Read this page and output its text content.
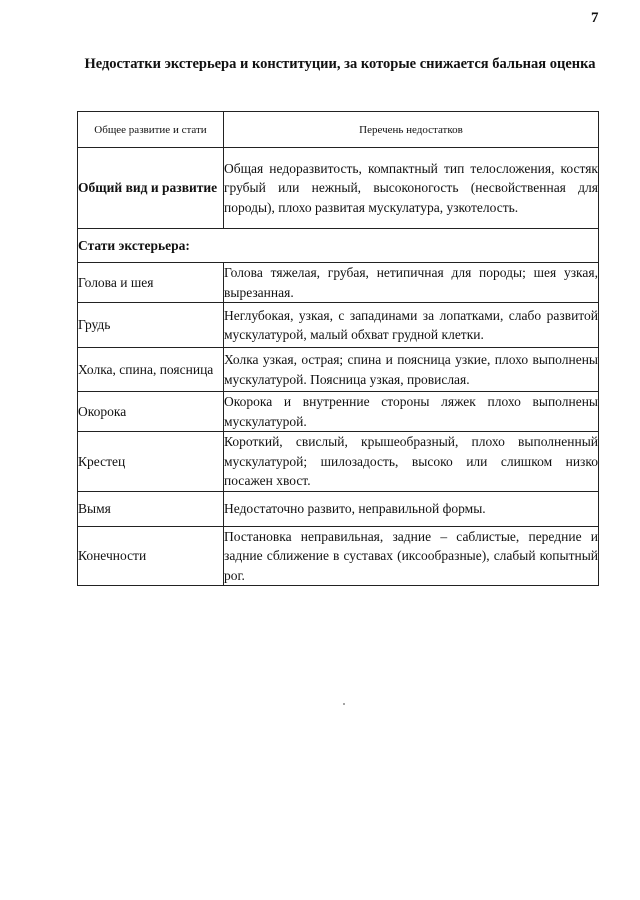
7
Недостатки экстерьера и конституции, за которые снижается бальная оценка
Общее развитие и стати	Перечень недостатков
Общий вид и развитие	Общая недоразвитость, компактный тип телосложения, костяк грубый или нежный, высоконогость (несвойственная для породы), плохо развитая мускулатура, узкотелость.
Стати экстерьера:	
Голова и шея	Голова тяжелая, грубая, нетипичная для породы; шея узкая, вырезанная.
Грудь	Неглубокая, узкая, с западинами за лопатками, слабо развитой мускулатурой, малый обхват грудной клетки.
Холка, спина, поясница	Холка узкая, острая; спина и поясница узкие, плохо выполнены мускулатурой. Поясница узкая, провислая.
Окорока	Окорока и внутренние стороны ляжек плохо выполнены мускулатурой.
Крестец	Короткий, свислый, крышеобразный, плохо выполненный мускулатурой; шилозадость, высоко или слишком низко посажен хвост.
Вымя	Недостаточно развито, неправильной формы.
Конечности	Постановка неправильная, задние – саблистые, передние и задние сближение в суставах (иксообразные), слабый копытный рог.
